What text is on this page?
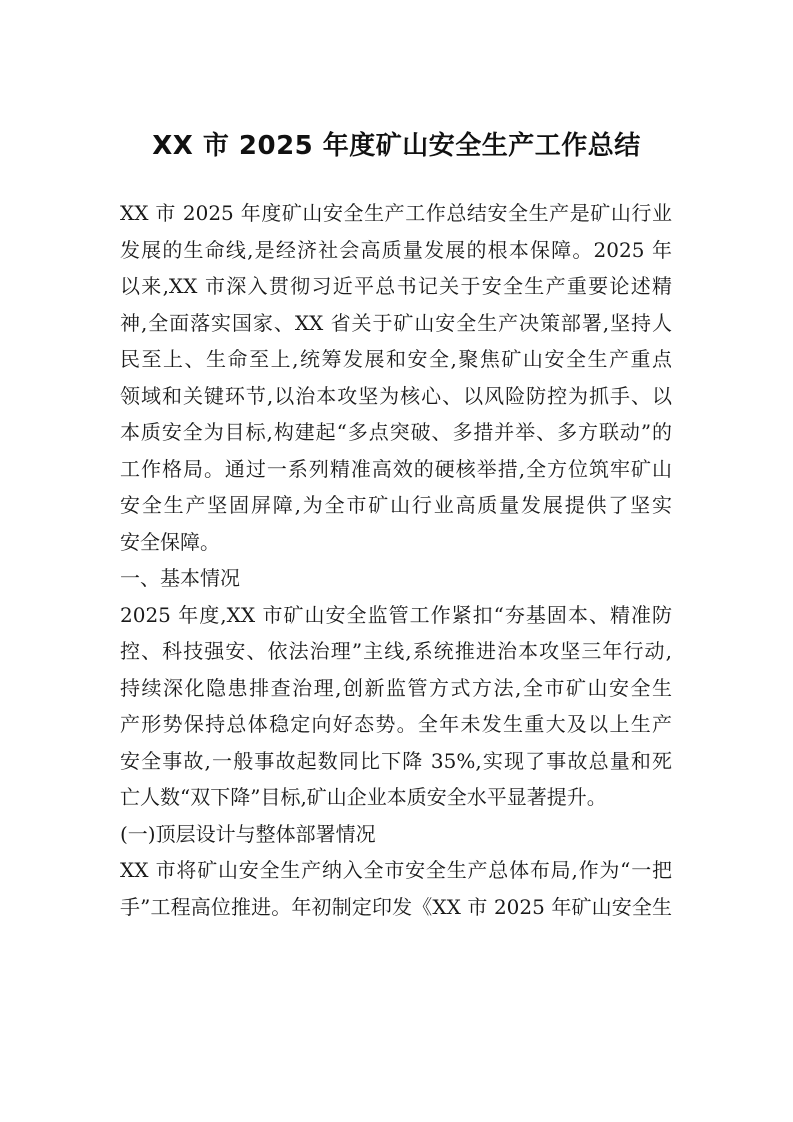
XX 市 2025 年度矿山安全生产工作总结
XX 市 2025 年度矿山安全生产工作总结安全生产是矿山行业
发展的生命线,是经济社会高质量发展的根本保障。2025 年
以来,XX 市深入贯彻习近平总书记关于安全生产重要论述精
神,全面落实国家、XX 省关于矿山安全生产决策部署,坚持人
民至上、生命至上,统筹发展和安全,聚焦矿山安全生产重点
领域和关键环节,以治本攻坚为核心、以风险防控为抓手、以
本质安全为目标,构建起“多点突破、多措并举、多方联动”的
工作格局。通过一系列精准高效的硬核举措,全方位筑牢矿山
安全生产坚固屏障,为全市矿山行业高质量发展提供了坚实
安全保障。
一、基本情况
2025 年度,XX 市矿山安全监管工作紧扣“夯基固本、精准防
控、科技强安、依法治理”主线,系统推进治本攻坚三年行动,
持续深化隐患排查治理,创新监管方式方法,全市矿山安全生
产形势保持总体稳定向好态势。全年未发生重大及以上生产
安全事故,一般事故起数同比下降 35%,实现了事故总量和死
亡人数“双下降”目标,矿山企业本质安全水平显著提升。
(一)顶层设计与整体部署情况
XX 市将矿山安全生产纳入全市安全生产总体布局,作为“一把
手”工程高位推进。年初制定印发《XX 市 2025 年矿山安全生
